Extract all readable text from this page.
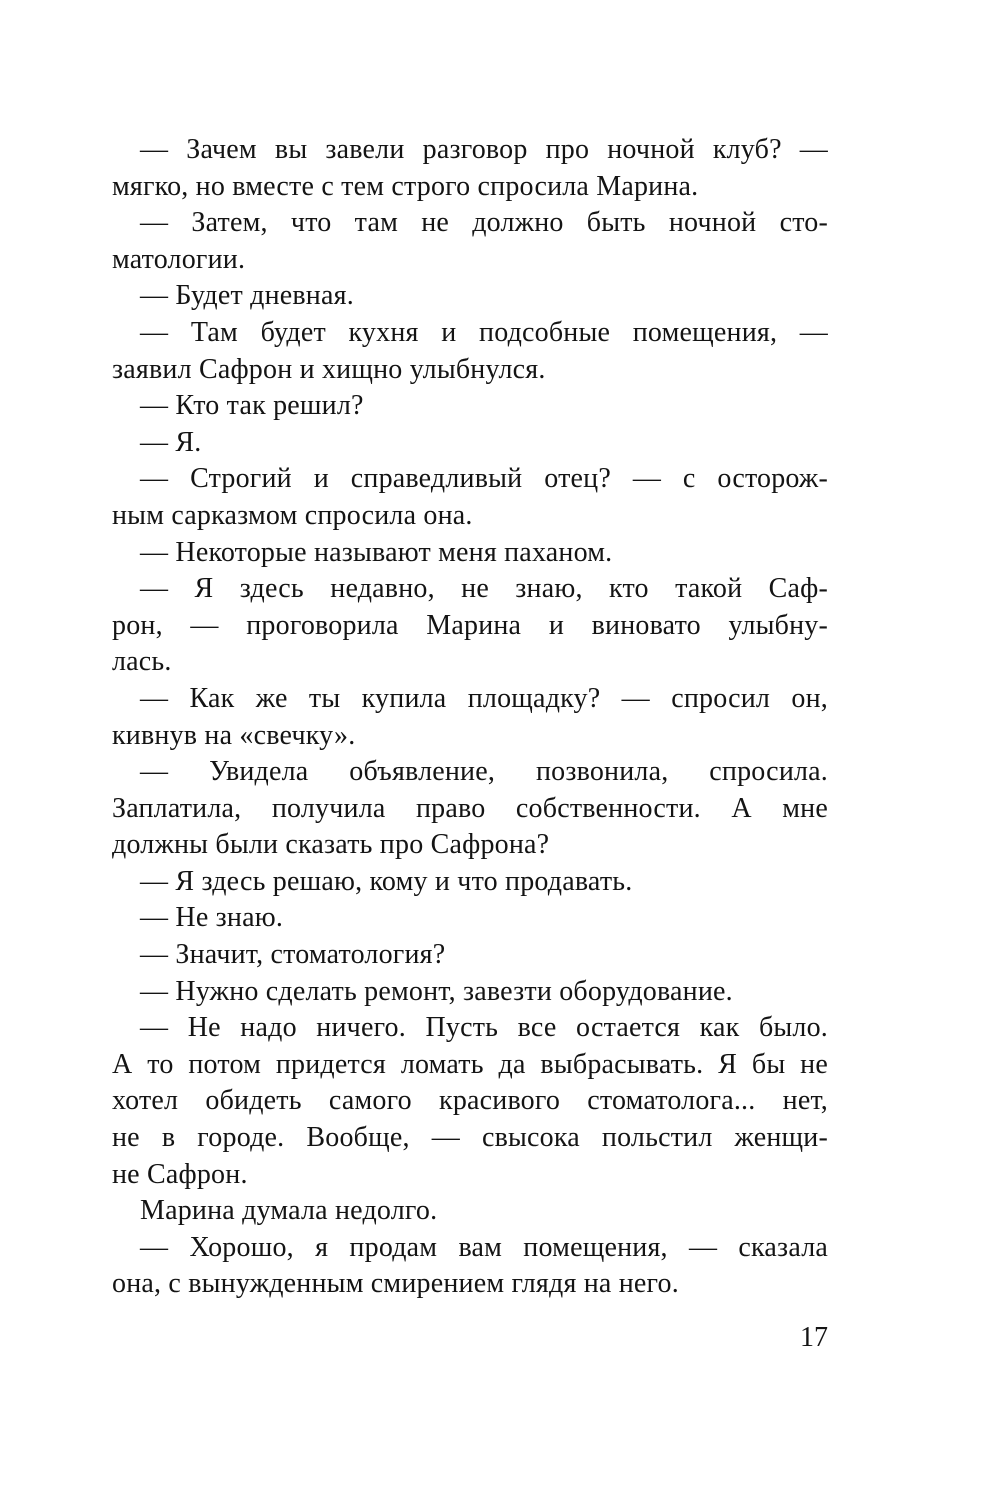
— Зачем вы завели разговор про ночной клуб? —
мягко, но вместе с тем строго спросила Марина.
— Затем, что там не должно быть ночной сто-
матологии.
— Будет дневная.
— Там будет кухня и подсобные помещения, —
заявил Сафрон и хищно улыбнулся.
— Кто так решил?
— Я.
— Строгий и справедливый отец? — с осторож-
ным сарказмом спросила она.
— Некоторые называют меня паханом.
— Я здесь недавно, не знаю, кто такой Саф-
рон, — проговорила Марина и виновато улыбну-
лась.
— Как же ты купила площадку? — спросил он,
кивнув на «свечку».
— Увидела объявление, позвонила, спросила.
Заплатила, получила право собственности. А мне
должны были сказать про Сафрона?
— Я здесь решаю, кому и что продавать.
— Не знаю.
— Значит, стоматология?
— Нужно сделать ремонт, завезти оборудование.
— Не надо ничего. Пусть все остается как было.
А то потом придется ломать да выбрасывать. Я бы не
хотел обидеть самого красивого стоматолога... нет,
не в городе. Вообще, — свысока польстил женщи-
не Сафрон.
Марина думала недолго.
— Хорошо, я продам вам помещения, — сказала
она, с вынужденным смирением глядя на него.
17
